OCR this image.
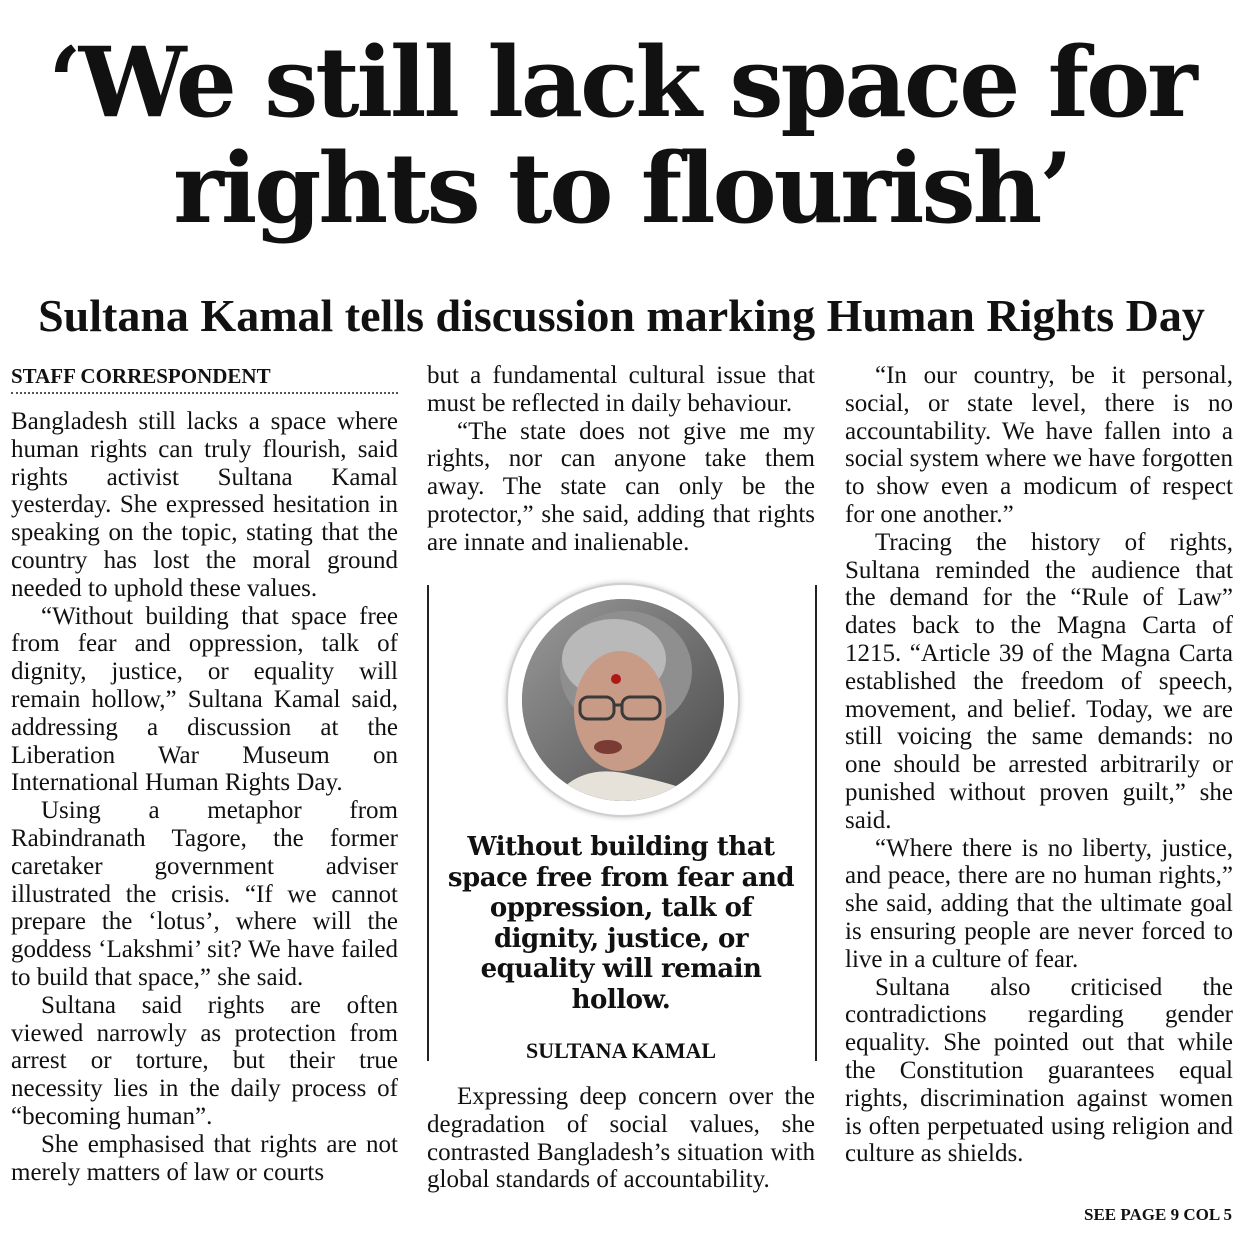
‘We still lack space for
rights to flourish’
Sultana Kamal tells discussion marking Human Rights Day
STAFF CORRESPONDENT

Bangladesh still lacks a space where human rights can truly flourish, said rights activist Sultana Kamal yesterday. She expressed hesitation in speaking on the topic, stating that the country has lost the moral ground needed to uphold these values.

“Without building that space free from fear and oppression, talk of dignity, justice, or equality will remain hollow,” Sultana Kamal said, addressing a discussion at the Liberation War Museum on International Human Rights Day.

Using a metaphor from Rabindranath Tagore, the former caretaker government adviser illustrated the crisis. “If we cannot prepare the ‘lotus’, where will the goddess ‘Lakshmi’ sit? We have failed to build that space,” she said.

Sultana said rights are often viewed narrowly as protection from arrest or torture, but their true necessity lies in the daily process of “becoming human”.

She emphasised that rights are not merely matters of law or courts

but a fundamental cultural issue that must be reflected in daily behaviour.

“The state does not give me my rights, nor can anyone take them away. The state can only be the protector,” she said, adding that rights are innate and inalienable.

Without building that space free from fear and oppression, talk of dignity, justice, or equality will remain hollow.

SULTANA KAMAL

Expressing deep concern over the degradation of social values, she contrasted Bangladesh’s situation with global standards of accountability.

“In our country, be it personal, social, or state level, there is no accountability. We have fallen into a social system where we have forgotten to show even a modicum of respect for one another.”

Tracing the history of rights, Sultana reminded the audience that the demand for the “Rule of Law” dates back to the Magna Carta of 1215. “Article 39 of the Magna Carta established the freedom of speech, movement, and belief. Today, we are still voicing the same demands: no one should be arrested arbitrarily or punished without proven guilt,” she said.

“Where there is no liberty, justice, and peace, there are no human rights,” she said, adding that the ultimate goal is ensuring people are never forced to live in a culture of fear.

Sultana also criticised the contradictions regarding gender equality. She pointed out that while the Constitution guarantees equal rights, discrimination against women is often perpetuated using religion and culture as shields.

SEE PAGE 9 COL 5
